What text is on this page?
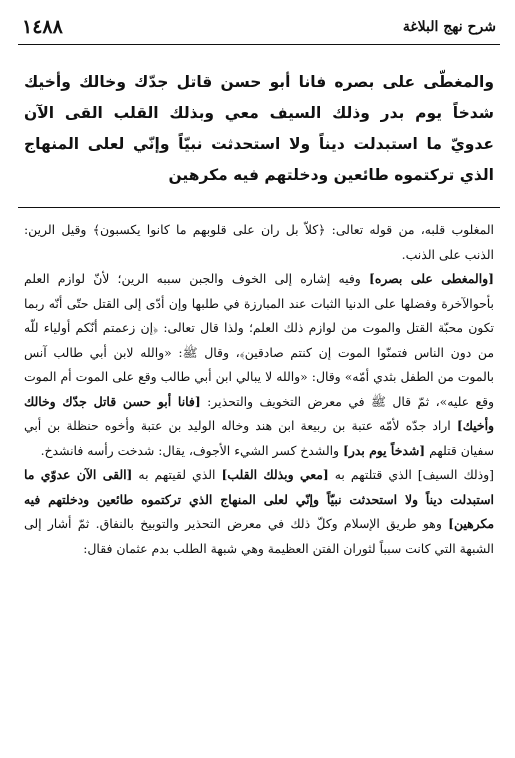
١٤٨٨	شرح نهج البلاغة
والمغطّى على بصره فانا أبو حسن قاتل جدّك وخالك وأخيك شدخاً يوم بدر وذلك السيف معي وبذلك القلب القى الآن عدويّ ما استبدلت ديناً ولا استحدثت نبيّاً وإنّي لعلى المنهاج الذي تركتموه طائعين ودخلتهم فيه مكرهين

المغلوب قلبه، من قوله تعالى: ﴿كلاّ بل ران على قلوبهم ما كانوا يكسبون﴾ وقيل الرين: الذنب على الذنب.

[والمغطى على بصره] وفيه إشاره إلى الخوف والجبن سببه الرين؛ لأنّ لوازم العلم بأحوالآخرة وفضلها على الدنيا الثبات عند المبارزة في طلبها وإن أدّى إلى القتل حتّى أنّه ربما تكون محبّة القتل والموت من لوازم ذلك العلم؛ ولذا قال تعالى: ﴿إن زعمتم أنّكم أولياء للّه من دون الناس فتمنّوا الموت إن كنتم صادقين﴾، وقال ﷺ: «والله لابن أبي طالب آنس بالموت من الطفل بثدي أمّه» وقال: «والله لا يبالي ابن أبي طالب وقع على الموت أم الموت وقع عليه»، ثمّ قال ﷺ في معرض التخويف والتحذير: [فانا أبو حسن قاتل جدّك وخالك وأخيك] اراد جدّه لأمّه عتبة بن ربيعة ابن هند وخاله الوليد بن عتبة وأخوه حنظلة بن أبي سفيان قتلهم [شدخاً يوم بدر] والشدخ كسر الشيء الأجوف، يقال: شدخت رأسه فانشدخ.

[وذلك السيف] الذي قتلتهم به [معي وبذلك القلب] الذي لقيتهم به [القى الآن عدوّي ما استبدلت ديناً ولا استحدثت نبيّاً وإنّي لعلى المنهاج الذي تركتموه طائعين ودخلتهم فيه مكرهين] وهو طريق الإسلام وكلّ ذلك في معرض التحذير والتوبيخ بالنفاق. ثمّ أشار إلى الشبهة التي كانت سبباً لثوران الفتن العظيمة وهي شبهة الطلب بدم عثمان فقال:
